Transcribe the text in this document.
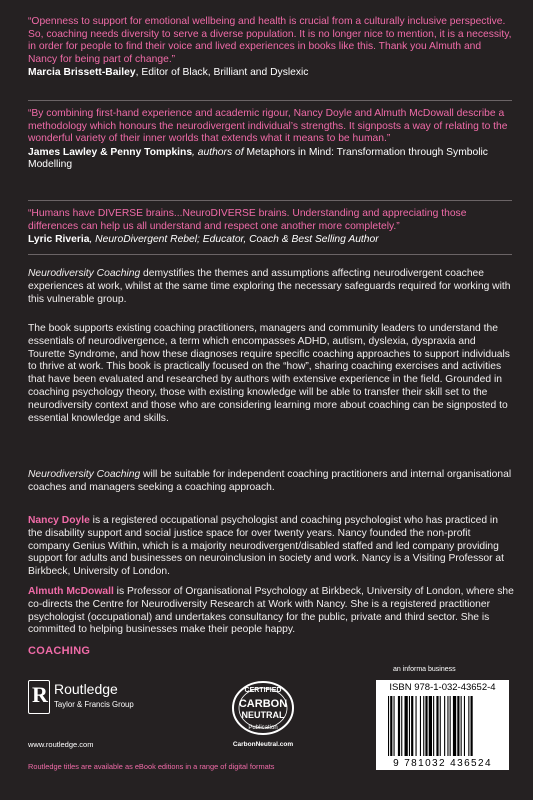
“Openness to support for emotional wellbeing and health is crucial from a culturally inclusive perspective. So, coaching needs diversity to serve a diverse population. It is no longer nice to mention, it is a necessity, in order for people to find their voice and lived experiences in books like this. Thank you Almuth and Nancy for being part of change.”
Marcia Brissett-Bailey, Editor of Black, Brilliant and Dyslexic
“By combining first-hand experience and academic rigour, Nancy Doyle and Almuth McDowall describe a methodology which honours the neurodivergent individual’s strengths. It signposts a way of relating to the wonderful variety of their inner worlds that extends what it means to be human.”
James Lawley & Penny Tompkins, authors of Metaphors in Mind: Transformation through Symbolic Modelling
“Humans have DIVERSE brains...NeuroDIVERSE brains. Understanding and appreciating those differences can help us all understand and respect one another more completely.”
Lyric Riveria, NeuroDivergent Rebel; Educator, Coach & Best Selling Author
Neurodiversity Coaching demystifies the themes and assumptions affecting neurodivergent coachee experiences at work, whilst at the same time exploring the necessary safeguards required for working with this vulnerable group.
The book supports existing coaching practitioners, managers and community leaders to understand the essentials of neurodivergence, a term which encompasses ADHD, autism, dyslexia, dyspraxia and Tourette Syndrome, and how these diagnoses require specific coaching approaches to support individuals to thrive at work. This book is practically focused on the “how”, sharing coaching exercises and activities that have been evaluated and researched by authors with extensive experience in the field. Grounded in coaching psychology theory, those with existing knowledge will be able to transfer their skill set to the neurodiversity context and those who are considering learning more about coaching can be signposted to essential knowledge and skills.
Neurodiversity Coaching will be suitable for independent coaching practitioners and internal organisational coaches and managers seeking a coaching approach.
Nancy Doyle is a registered occupational psychologist and coaching psychologist who has practiced in the disability support and social justice space for over twenty years. Nancy founded the non-profit company Genius Within, which is a majority neurodivergent/disabled staffed and led company providing support for adults and businesses on neuroinclusion in society and work. Nancy is a Visiting Professor at Birkbeck, University of London.
Almuth McDowall is Professor of Organisational Psychology at Birkbeck, University of London, where she co-directs the Centre for Neurodiversity Research at Work with Nancy. She is a registered practitioner psychologist (occupational) and undertakes consultancy for the public, private and third sector. She is committed to helping businesses make their people happy.
COACHING
R Routledge
Taylor & Francis Group
www.routledge.com
CERTIFIED
CARBON
NEUTRAL
Publication
CarbonNeutral.com
an informa business
ISBN 978-1-032-43652-4
9 781032 436524
Routledge titles are available as eBook editions in a range of digital formats
